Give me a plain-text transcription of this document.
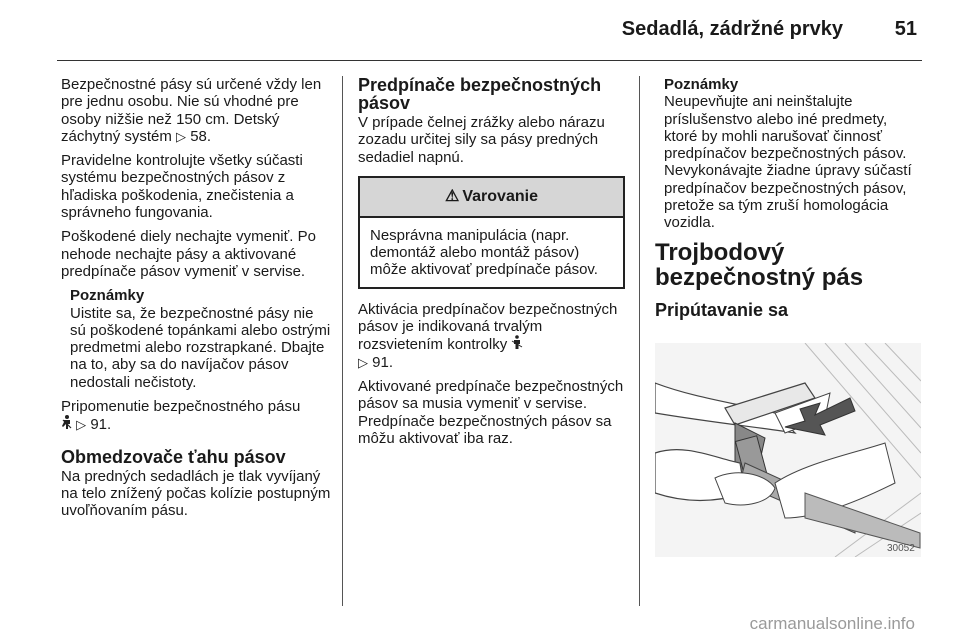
Sedadlá, zádržné prvky	51

Bezpečnostné pásy sú určené vždy len pre jednu osobu. Nie sú vhodné pre osoby nižšie než 150 cm. Detský záchytný systém ▷ 58.

Pravidelne kontrolujte všetky súčasti systému bezpečnostných pásov z hľadiska poškodenia, znečistenia a správneho fungovania.

Poškodené diely nechajte vymeniť. Po nehode nechajte pásy a aktivované predpínače pásov vymeniť v servise.

Poznámky
Uistite sa, že bezpečnostné pásy nie sú poškodené topánkami alebo ostrými predmetmi alebo rozstrapkané. Dbajte na to, aby sa do navíjačov pásov nedostali nečistoty.

Pripomenutie bezpečnostného pásu
▷ 91.

Obmedzovače ťahu pásov

Na predných sedadlách je tlak vyvíjaný na telo znížený počas kolízie postupným uvoľňovaním pásu.

Predpínače bezpečnostných pásov

V prípade čelnej zrážky alebo nárazu zozadu určitej sily sa pásy predných sedadiel napnú.

⚠ Varovanie
Nesprávna manipulácia (napr. demontáž alebo montáž pásov) môže aktivovať predpínače pásov.

Aktivácia predpínačov bezpečnostných pásov je indikovaná trvalým rozsvietením kontrolky
▷ 91.

Aktivované predpínače bezpečnostných pásov sa musia vymeniť v servise. Predpínače bezpečnostných pásov sa môžu aktivovať iba raz.

Poznámky
Neupevňujte ani neinštalujte príslušenstvo alebo iné predmety, ktoré by mohli narušovať činnosť predpínačov bezpečnostných pásov. Nevykonávajte žiadne úpravy súčastí predpínačov bezpečnostných pásov, pretože sa tým zruší homologácia vozidla.
Trojbodový bezpečnostný pás
Pripútavanie sa
30052
carmanualsonline.info
